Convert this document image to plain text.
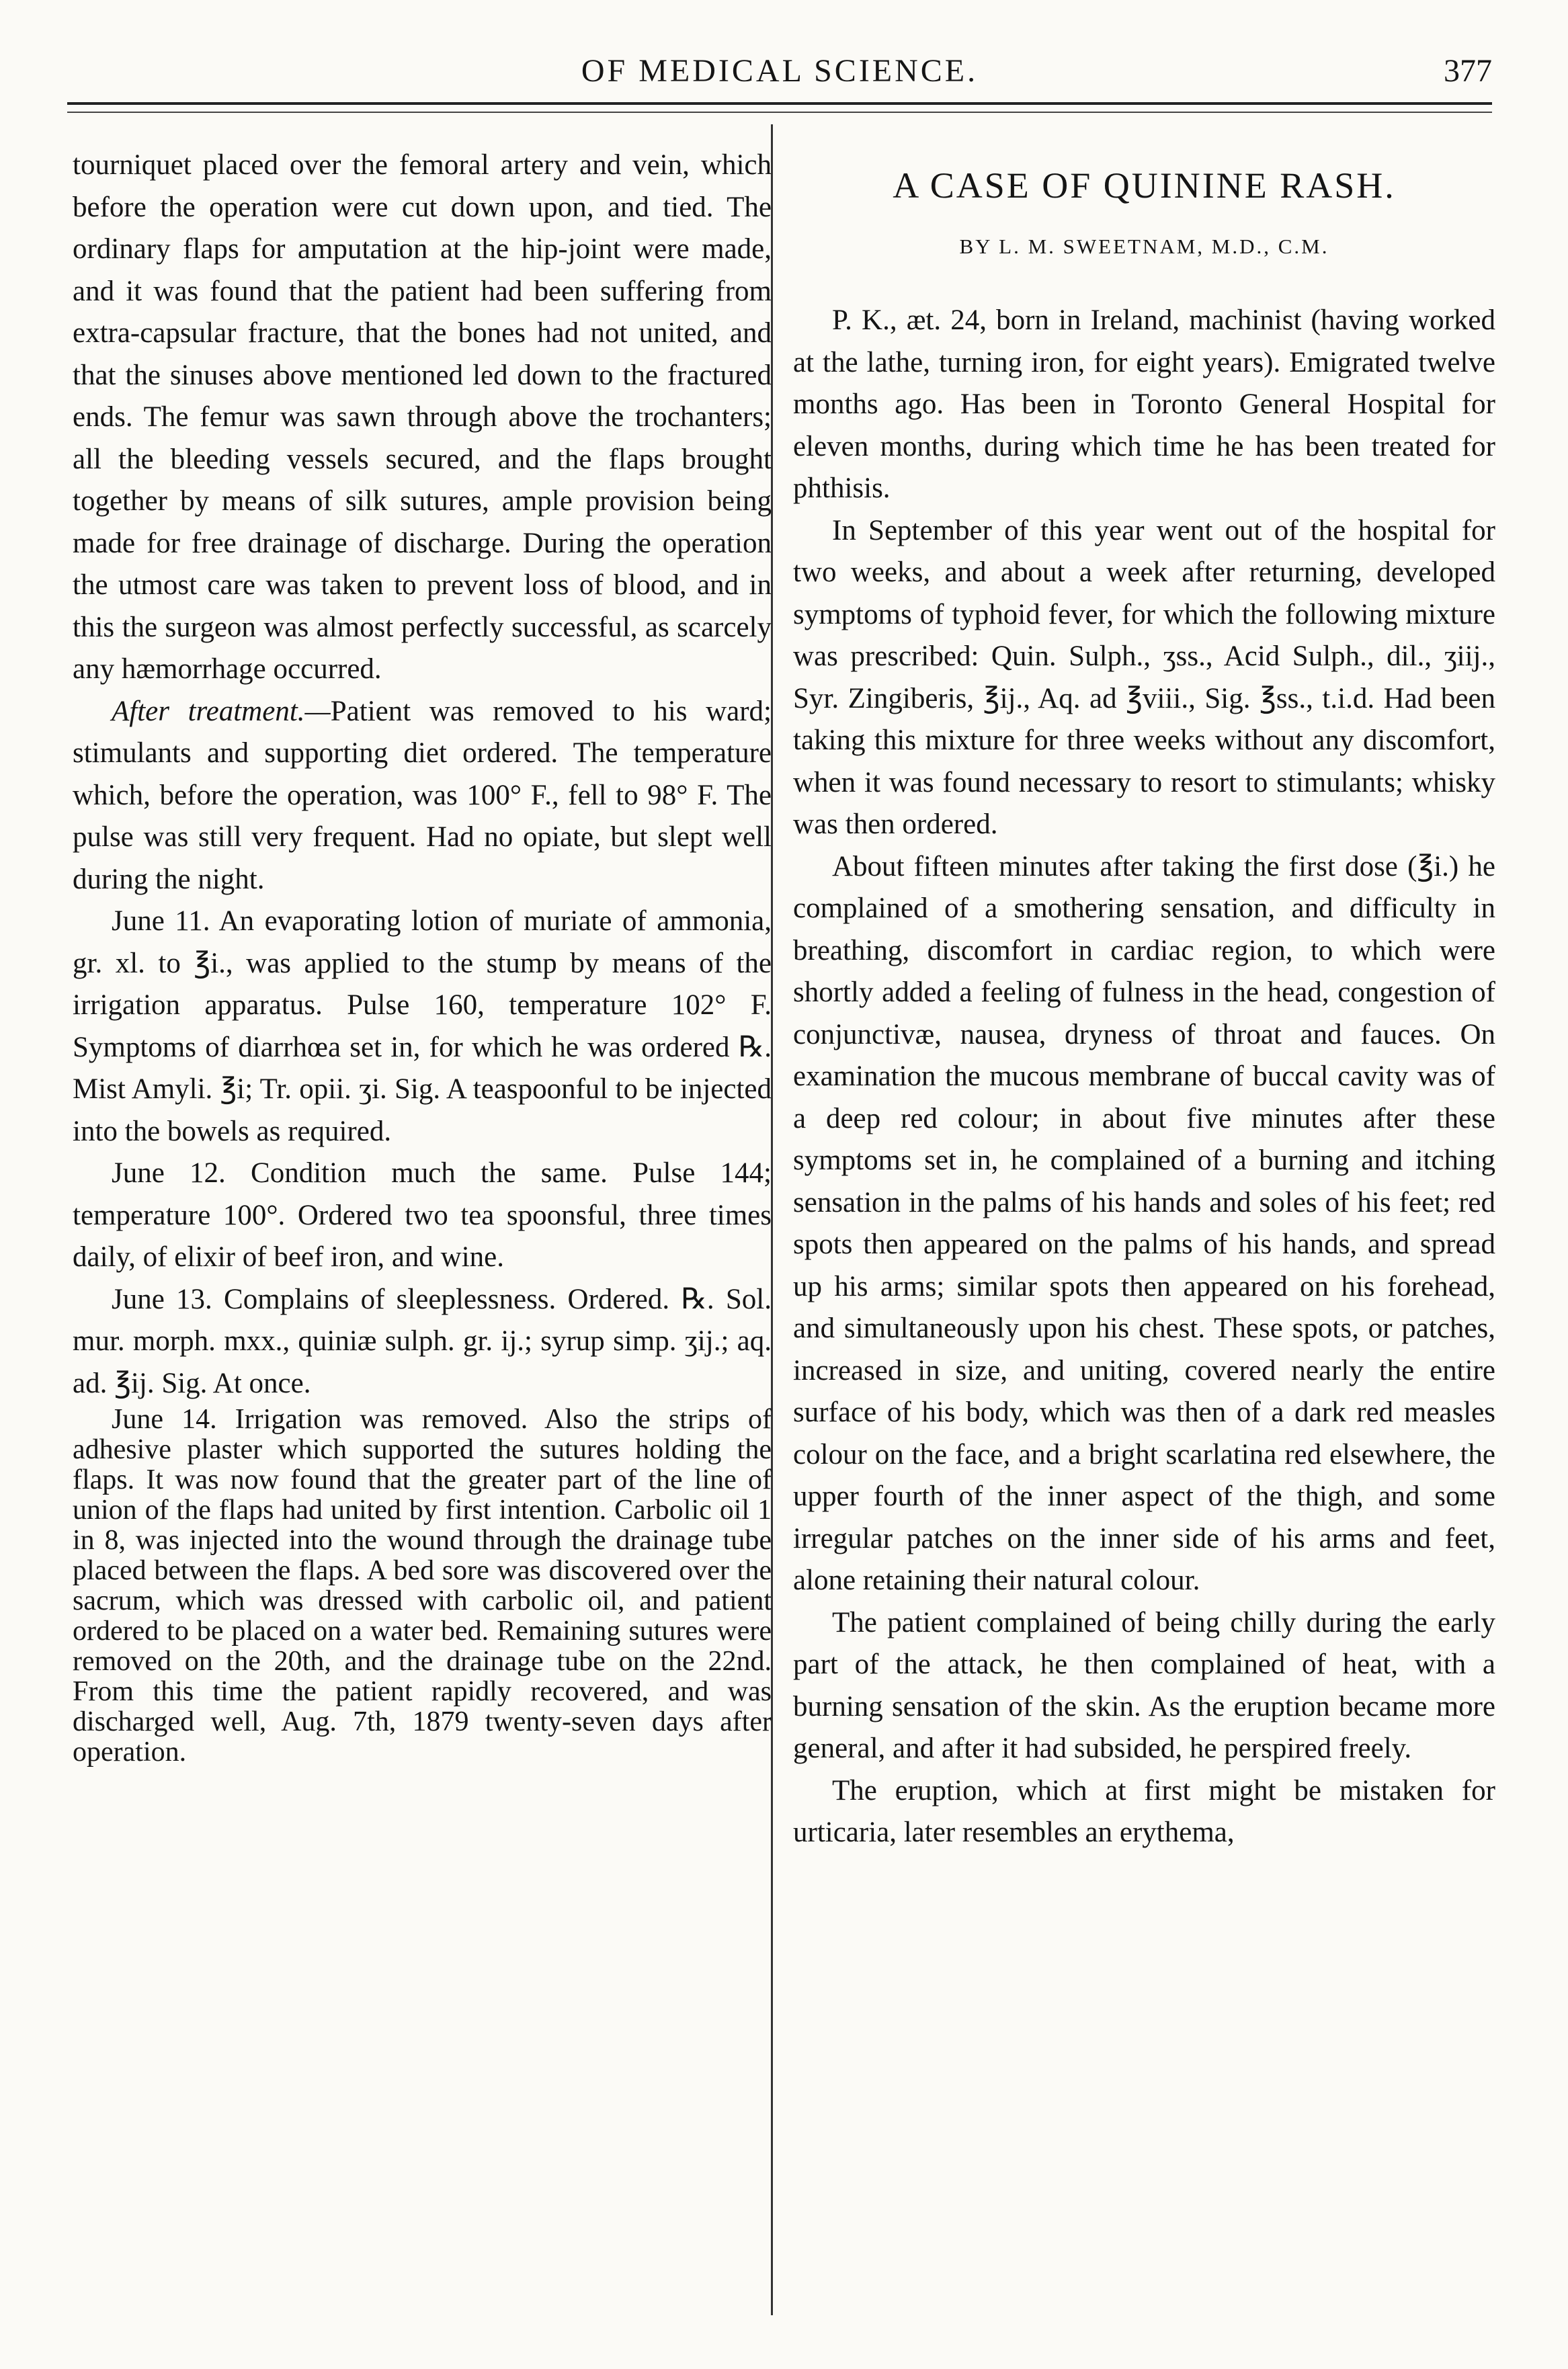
OF MEDICAL SCIENCE.	377

tourniquet placed over the femoral artery and vein, which before the operation were cut down upon, and tied. The ordinary flaps for amputation at the hip-joint were made, and it was found that the patient had been suffering from extra-capsular fracture, that the bones had not united, and that the sinuses above mentioned led down to the fractured ends. The femur was sawn through above the trochanters; all the bleeding vessels secured, and the flaps brought together by means of silk sutures, ample provision being made for free drainage of discharge. During the operation the utmost care was taken to prevent loss of blood, and in this the surgeon was almost perfectly successful, as scarcely any hæmorrhage occurred.

After treatment.—Patient was removed to his ward; stimulants and supporting diet ordered. The temperature which, before the operation, was 100° F., fell to 98° F. The pulse was still very frequent. Had no opiate, but slept well during the night.

June 11. An evaporating lotion of muriate of ammonia, gr. xl. to ℥i., was applied to the stump by means of the irrigation apparatus. Pulse 160, temperature 102° F. Symptoms of diarrhœa set in, for which he was ordered ℞. Mist Amyli. ℥i; Tr. opii. ʒi. Sig. A teaspoonful to be injected into the bowels as required.

June 12. Condition much the same. Pulse 144; temperature 100°. Ordered two tea spoonsful, three times daily, of elixir of beef iron, and wine.

June 13. Complains of sleeplessness. Ordered. ℞. Sol. mur. morph. mxx., quiniæ sulph. gr. ij.; syrup simp. ʒij.; aq. ad. ℥ij. Sig. At once.

June 14. Irrigation was removed. Also the strips of adhesive plaster which supported the sutures holding the flaps. It was now found that the greater part of the line of union of the flaps had united by first intention. Carbolic oil 1 in 8, was injected into the wound through the drainage tube placed between the flaps. A bed sore was discovered over the sacrum, which was dressed with carbolic oil, and patient ordered to be placed on a water bed. Remaining sutures were removed on the 20th, and the drainage tube on the 22nd. From this time the patient rapidly recovered, and was discharged well, Aug. 7th, 1879 twenty-seven days after operation.

A CASE OF QUININE RASH.
BY L. M. SWEETNAM, M.D., C.M.

P. K., æt. 24, born in Ireland, machinist (having worked at the lathe, turning iron, for eight years). Emigrated twelve months ago. Has been in Toronto General Hospital for eleven months, during which time he has been treated for phthisis.

In September of this year went out of the hospital for two weeks, and about a week after returning, developed symptoms of typhoid fever, for which the following mixture was prescribed: Quin. Sulph., ʒss., Acid Sulph., dil., ʒiij., Syr. Zingiberis, ℥ij., Aq. ad ℥viii., Sig. ℥ss., t.i.d. Had been taking this mixture for three weeks without any discomfort, when it was found necessary to resort to stimulants; whisky was then ordered.

About fifteen minutes after taking the first dose (℥i.) he complained of a smothering sensation, and difficulty in breathing, discomfort in cardiac region, to which were shortly added a feeling of fulness in the head, congestion of conjunctivæ, nausea, dryness of throat and fauces. On examination the mucous membrane of buccal cavity was of a deep red colour; in about five minutes after these symptoms set in, he complained of a burning and itching sensation in the palms of his hands and soles of his feet; red spots then appeared on the palms of his hands, and spread up his arms; similar spots then appeared on his forehead, and simultaneously upon his chest. These spots, or patches, increased in size, and uniting, covered nearly the entire surface of his body, which was then of a dark red measles colour on the face, and a bright scarlatina red elsewhere, the upper fourth of the inner aspect of the thigh, and some irregular patches on the inner side of his arms and feet, alone retaining their natural colour.

The patient complained of being chilly during the early part of the attack, he then complained of heat, with a burning sensation of the skin. As the eruption became more general, and after it had subsided, he perspired freely.

The eruption, which at first might be mistaken for urticaria, later resembles an erythema,
